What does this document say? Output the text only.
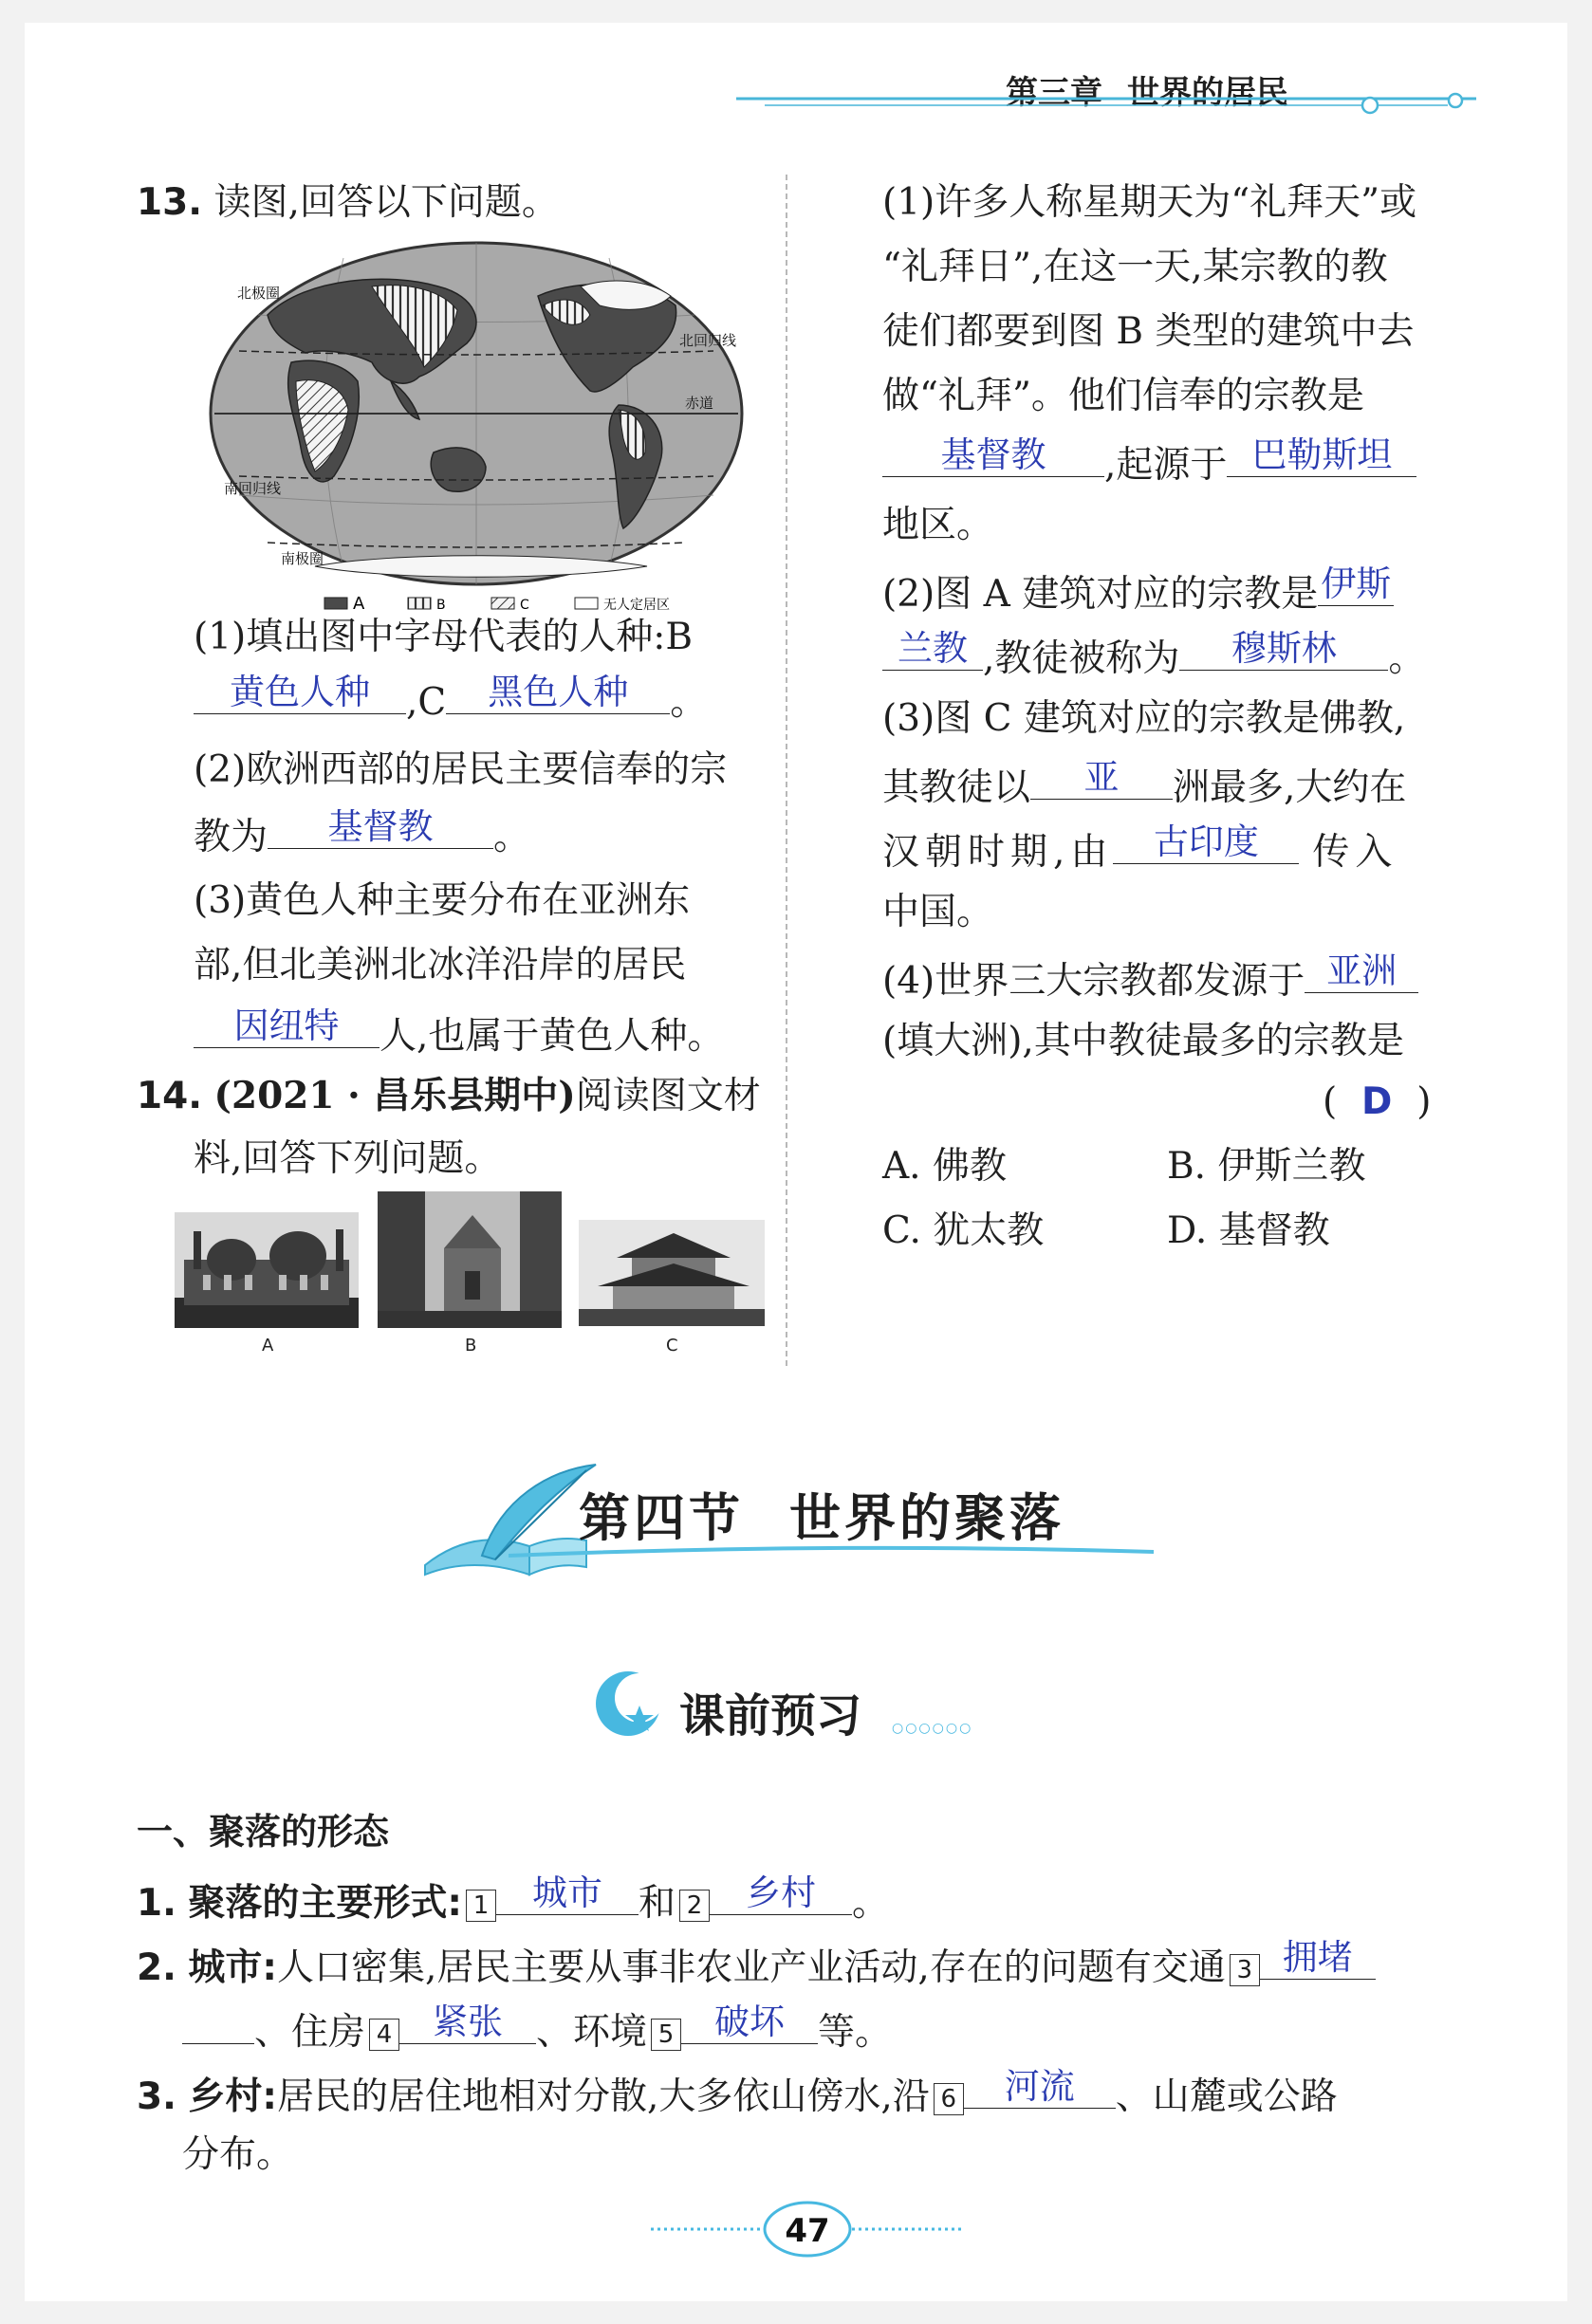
第三章 世界的居民
13. 读图,回答以下问题。
北极圈
北回归线
赤道
南回归线
南极圈
A	B	C	无人定居区
(1)填出图中字母代表的人种:B
黄色人种 ,C	黑色人种	。
(2)欧洲西部的居民主要信奉的宗
教为	基督教	。
(3)黄色人种主要分布在亚洲东
部,但北美洲北冰洋沿岸的居民
因纽特	人,也属于黄色人种。
14. (2021 · 昌乐县期中)阅读图文材
料,回答下列问题。
A	B	C
(1)许多人称星期天为“礼拜天”或
“礼拜日”,在这一天,某宗教的教
徒们都要到图 B 类型的建筑中去
做“礼拜”。他们信奉的宗教是
基督教	,起源于 巴勒斯坦
地区。
(2)图 A 建筑对应的宗教是 伊斯
兰教 ,教徒被称为	穆斯林	。
(3)图 C 建筑对应的宗教是佛教,
其教徒以	亚	洲最多,大约在
汉朝时期,由	古印度	传入
中国。
(4)世界三大宗教都发源于 亚洲
(填大洲),其中教徒最多的宗教是
( D )
A. 佛教	B. 伊斯兰教
C. 犹太教	D. 基督教
第四节 世界的聚落
课前预习 ○○○○○○
一、聚落的形态
1. 聚落的主要形式: 1	城市 和 2	乡村 。
2. 城市:人口密集,居民主要从事非农业产业活动,存在的问题有交通 3 拥堵
、住房 4	紧张 、环境 5	破坏 等。
3. 乡村:居民的居住地相对分散,大多依山傍水,沿 6	河流	、山麓或公路
分布。
47
